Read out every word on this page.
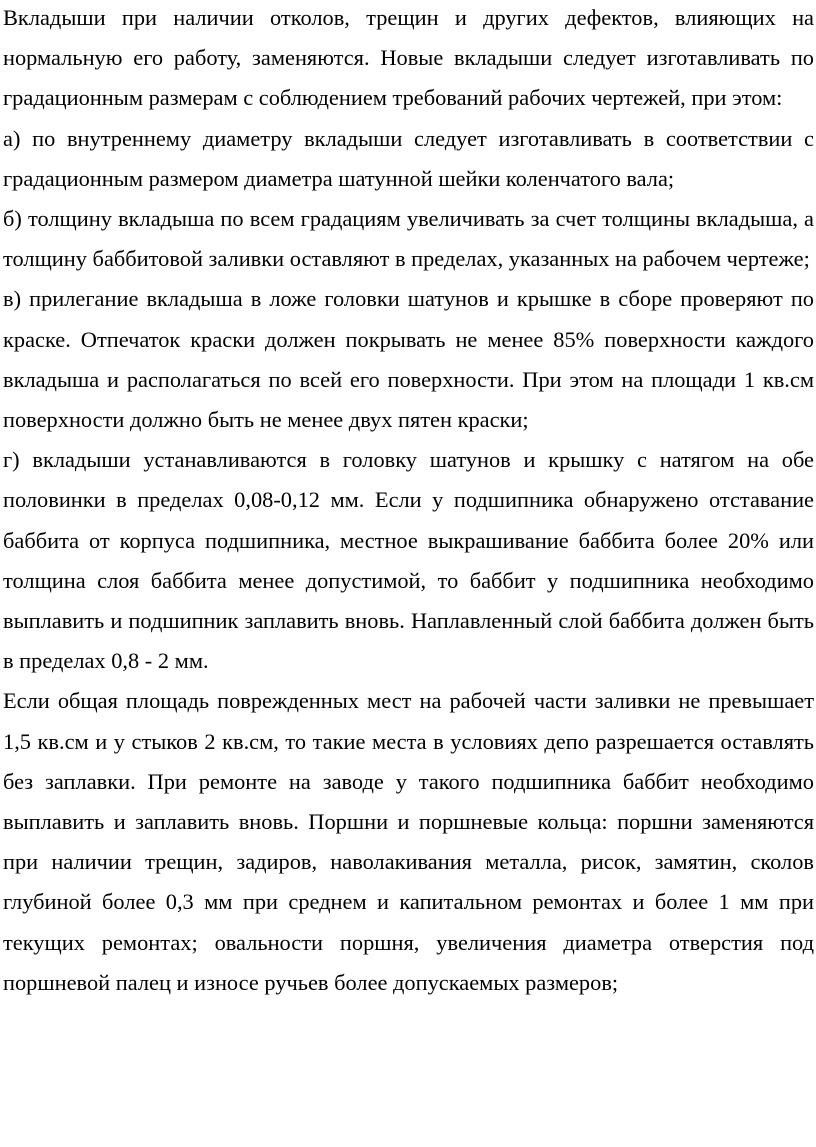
Вкладыши при наличии отколов, трещин и других дефектов, влияющих на нормальную его работу, заменяются. Новые вкладыши следует изготавливать по градационным размерам с соблюдением требований рабочих чертежей, при этом:

а) по внутреннему диаметру вкладыши следует изготавливать в соответствии с градационным размером диаметра шатунной шейки коленчатого вала;

б) толщину вкладыша по всем градациям увеличивать за счет толщины вкладыша, а толщину баббитовой заливки оставляют в пределах, указанных на рабочем чертеже;

в) прилегание вкладыша в ложе головки шатунов и крышке в сборе проверяют по краске. Отпечаток краски должен покрывать не менее 85% поверхности каждого вкладыша и располагаться по всей его поверхности. При этом на площади 1 кв.см поверхности должно быть не менее двух пятен краски;

г) вкладыши устанавливаются в головку шатунов и крышку с натягом на обе половинки в пределах 0,08-0,12 мм. Если у подшипника обнаружено отставание баббита от корпуса подшипника, местное выкрашивание баббита более 20% или толщина слоя баббита менее допустимой, то баббит у подшипника необходимо выплавить и подшипник заплавить вновь. Наплавленный слой баббита должен быть в пределах 0,8 - 2 мм.

Если общая площадь поврежденных мест на рабочей части заливки не превышает 1,5 кв.см и у стыков 2 кв.см, то такие места в условиях депо разрешается оставлять без заплавки. При ремонте на заводе у такого подшипника баббит необходимо выплавить и заплавить вновь. Поршни и поршневые кольца: поршни заменяются при наличии трещин, задиров, наволакивания металла, рисок, замятин, сколов глубиной более 0,3 мм при среднем и капитальном ремонтах и более 1 мм при текущих ремонтах; овальности поршня, увеличения диаметра отверстия под поршневой палец и износе ручьев более допускаемых размеров;
